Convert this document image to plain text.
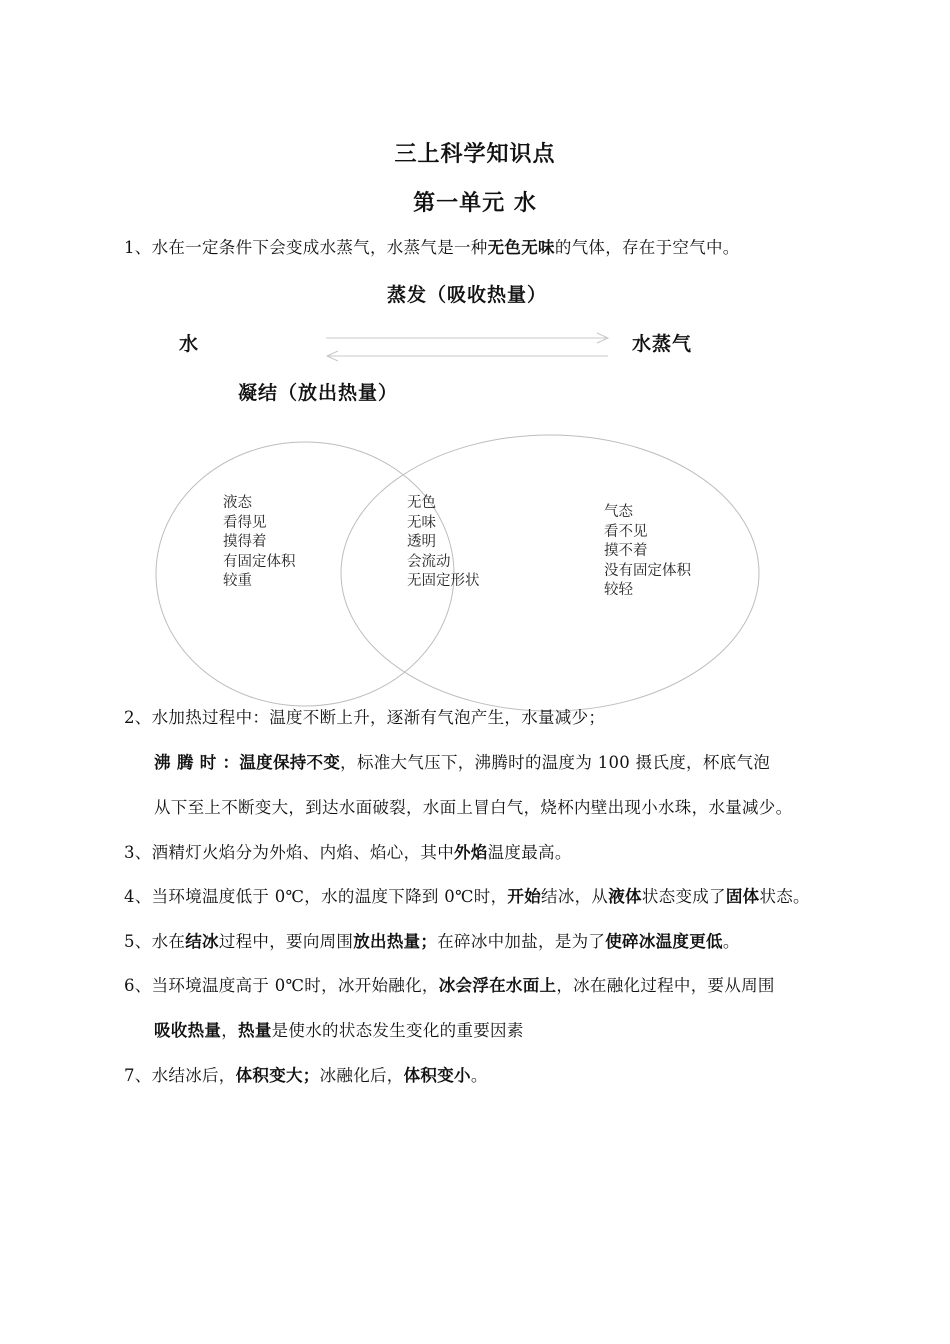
三上科学知识点
第一单元 水
1、水在一定条件下会变成水蒸气，水蒸气是一种无色无味的气体，存在于空气中。
蒸发（吸收热量）
水	水蒸气
凝结（放出热量）
液态
看得见
摸得着
有固定体积
较重
无色
无味
透明
会流动
无固定形状
气态
看不见
摸不着
没有固定体积
较轻
2、水加热过程中：温度不断上升，逐渐有气泡产生，水量减少；
沸 腾 时 ：温度保持不变，标准大气压下，沸腾时的温度为 100 摄氏度，杯底气泡
从下至上不断变大，到达水面破裂，水面上冒白气，烧杯内壁出现小水珠，水量减少。
3、酒精灯火焰分为外焰、内焰、焰心，其中外焰温度最高。
4、当环境温度低于 0℃，水的温度下降到 0℃时，开始结冰，从液体状态变成了固体状态。
5、水在结冰过程中，要向周围放出热量；在碎冰中加盐，是为了使碎冰温度更低。
6、当环境温度高于 0℃时，冰开始融化，冰会浮在水面上，冰在融化过程中，要从周围
吸收热量，热量是使水的状态发生变化的重要因素
7、水结冰后，体积变大；冰融化后，体积变小。
